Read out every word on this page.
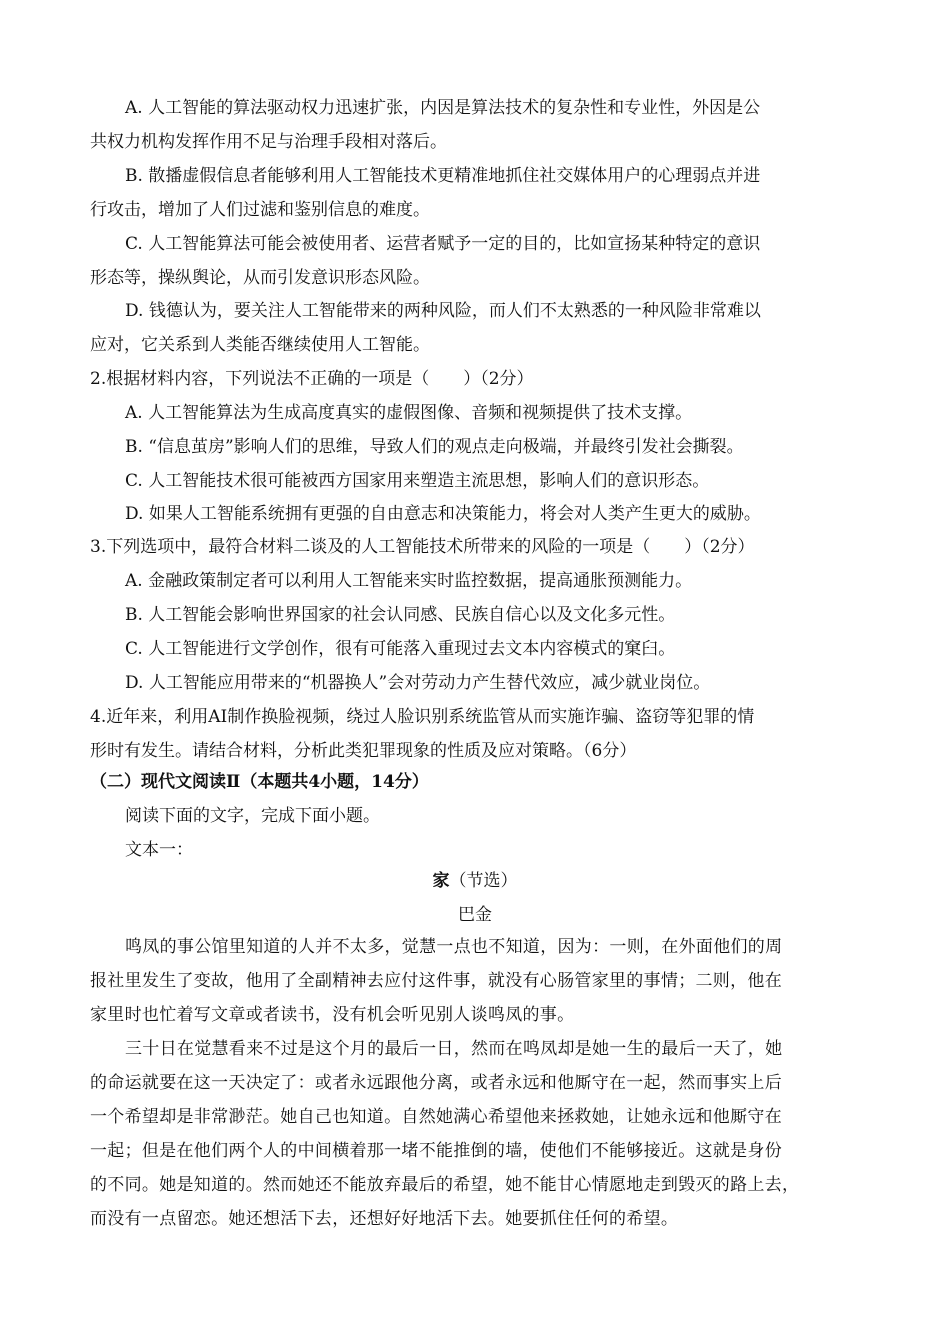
A. 人工智能的算法驱动权力迅速扩张，内因是算法技术的复杂性和专业性，外因是公
共权力机构发挥作用不足与治理手段相对落后。
B. 散播虚假信息者能够利用人工智能技术更精准地抓住社交媒体用户的心理弱点并进
行攻击，增加了人们过滤和鉴别信息的难度。
C. 人工智能算法可能会被使用者、运营者赋予一定的目的，比如宣扬某种特定的意识
形态等，操纵舆论，从而引发意识形态风险。
D. 钱德认为，要关注人工智能带来的两种风险，而人们不太熟悉的一种风险非常难以
应对，它关系到人类能否继续使用人工智能。
2.根据材料内容，下列说法不正确的一项是（　　）（2分）
A. 人工智能算法为生成高度真实的虚假图像、音频和视频提供了技术支撑。
B. “信息茧房”影响人们的思维，导致人们的观点走向极端，并最终引发社会撕裂。
C. 人工智能技术很可能被西方国家用来塑造主流思想，影响人们的意识形态。
D. 如果人工智能系统拥有更强的自由意志和决策能力，将会对人类产生更大的威胁。
3.下列选项中，最符合材料二谈及的人工智能技术所带来的风险的一项是（　　）（2分）
A. 金融政策制定者可以利用人工智能来实时监控数据，提高通胀预测能力。
B. 人工智能会影响世界国家的社会认同感、民族自信心以及文化多元性。
C. 人工智能进行文学创作，很有可能落入重现过去文本内容模式的窠臼。
D. 人工智能应用带来的“机器换人”会对劳动力产生替代效应，减少就业岗位。
4.近年来，利用AI制作换脸视频，绕过人脸识别系统监管从而实施诈骗、盗窃等犯罪的情
形时有发生。请结合材料，分析此类犯罪现象的性质及应对策略。（6分）
（二）现代文阅读Ⅱ（本题共4小题，14分）
阅读下面的文字，完成下面小题。
文本一：
家（节选）
巴金
鸣凤的事公馆里知道的人并不太多，觉慧一点也不知道，因为：一则，在外面他们的周
报社里发生了变故，他用了全副精神去应付这件事，就没有心肠管家里的事情；二则，他在
家里时也忙着写文章或者读书，没有机会听见别人谈鸣凤的事。
三十日在觉慧看来不过是这个月的最后一日，然而在鸣凤却是她一生的最后一天了，她
的命运就要在这一天决定了：或者永远跟他分离，或者永远和他厮守在一起，然而事实上后
一个希望却是非常渺茫。她自己也知道。自然她满心希望他来拯救她，让她永远和他厮守在
一起；但是在他们两个人的中间横着那一堵不能推倒的墙，使他们不能够接近。这就是身份
的不同。她是知道的。然而她还不能放弃最后的希望，她不能甘心情愿地走到毁灭的路上去，
而没有一点留恋。她还想活下去，还想好好地活下去。她要抓住任何的希望。
